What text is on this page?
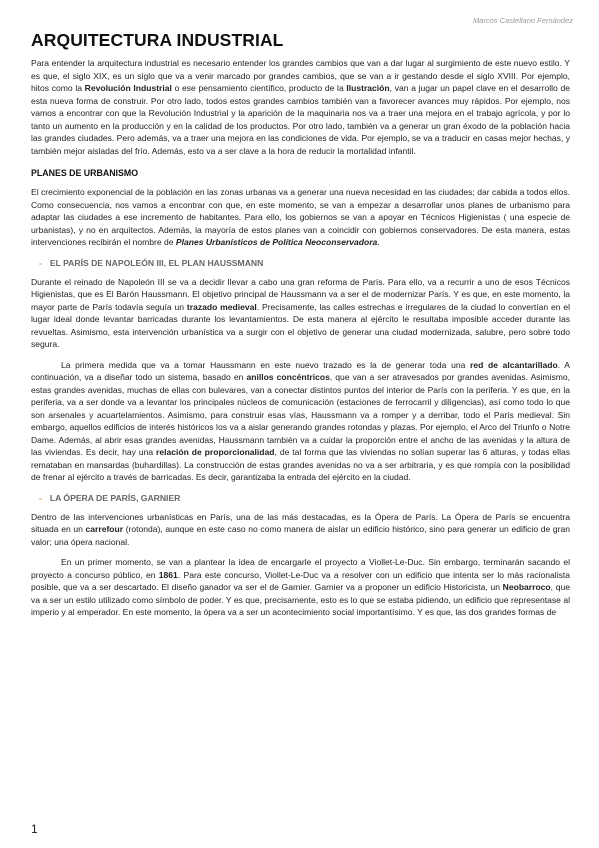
Marcos Castellano Fernández
ARQUITECTURA INDUSTRIAL

Para entender la arquitectura industrial es necesario entender los grandes cambios que van a dar lugar al surgimiento de este nuevo estilo. Y es que, el siglo XIX, es un siglo que va a venir marcado por grandes cambios, que se van a ir gestando desde el siglo XVIII. Por ejemplo, hitos como la Revolución Industrial o ese pensamiento científico, producto de la Ilustración, van a jugar un papel clave en el desarrollo de esta nueva forma de construir. Por otro lado, todos estos grandes cambios también van a favorecer avances muy rápidos. Por ejemplo, nos vamos a encontrar con que la Revolución Industrial y la aparición de la maquinaria nos va a traer una mejora en el trabajo agrícola, y por lo tanto un aumento en la producción y en la calidad de los productos. Por otro lado, también va a generar un gran éxodo de la población hacia las grandes ciudades. Pero además, va a traer una mejora en las condiciones de vida. Por ejemplo, se va a traducir en casas mejor hechas, y también mejor aisladas del frío. Además, esto va a ser clave a la hora de reducir la mortalidad infantil.

PLANES DE URBANISMO

El crecimiento exponencial de la población en las zonas urbanas va a generar una nueva necesidad en las ciudades; dar cabida a todos ellos. Como consecuencia, nos vamos a encontrar con que, en este momento, se van a empezar a desarrollar unos planes de urbanismo para adaptar las ciudades a ese incremento de habitantes. Para ello, los gobiernos se van a apoyar en Técnicos Higienistas ( una especie de urbanistas), y no en arquitectos. Además, la mayoría de estos planes van a coincidir con gobiernos conservadores. De esta manera, estas intervenciones recibirán el nombre de Planes Urbanísticos de Política Neoconservadora.

- EL PARÍS DE NAPOLEÓN III, EL PLAN HAUSSMANN

Durante el reinado de Napoleón III se va a decidir llevar a cabo una gran reforma de París. Para ello, va a recurrir a uno de esos Técnicos Higienistas, que es El Barón Haussmann. El objetivo principal de Haussmann va a ser el de modernizar París. Y es que, en este momento, la mayor parte de París todavía seguía un trazado medieval. Precisamente, las calles estrechas e irregulares de la ciudad lo convertían en el lugar ideal donde levantar barricadas durante los levantamientos. De esta manera al ejército le resultaba imposible acceder durante las revueltas. Asimismo, esta intervención urbanística va a surgir con el objetivo de generar una ciudad modernizada, salubre, pero sobre todo segura.

La primera medida que va a tomar Haussmann en este nuevo trazado es la de generar toda una red de alcantarillado. A continuación, va a diseñar todo un sistema, basado en anillos concéntricos, que van a ser atravesados por grandes avenidas. Asimismo, estas grandes avenidas, muchas de ellas con bulevares, van a conectar distintos puntos del interior de París con la periferia. Y es que, en la periferia, va a ser donde va a levantar los principales núcleos de comunicación (estaciones de ferrocarril y diligencias), así como todo lo que son arsenales y acuartelamientos. Asimismo, para construir esas vías, Haussmann va a romper y a derribar, todo el París medieval. Sin embargo, aquellos edificios de interés históricos los va a aislar generando grandes rotondas y plazas. Por ejemplo, el Arco del Triunfo o Notre Dame. Además, al abrir esas grandes avenidas, Haussmann también va a cuidar la proporción entre el ancho de las avenidas y la altura de las viviendas. Es decir, hay una relación de proporcionalidad, de tal forma que las viviendas no solían superar las 6 alturas, y todas ellas remataban en mansardas (buhardillas). La construcción de estas grandes avenidas no va a ser arbitraria, y es que rompía con la posibilidad de frenar al ejército a través de barricadas. Es decir, garantizaba la entrada del ejército en la ciudad.

- LA ÓPERA DE PARÍS, GARNIER

Dentro de las intervenciones urbanísticas en París, una de las más destacadas, es la Ópera de París. La Ópera de París se encuentra situada en un carrefour (rotonda), aunque en este caso no como manera de aislar un edificio histórico, sino para generar un edificio de gran valor; una ópera nacional.

En un primer momento, se van a plantear la idea de encargarle el proyecto a Viollet-Le-Duc. Sin embargo, terminarán sacando el proyecto a concurso público, en 1861. Para este concurso, Viollet-Le-Duc va a resolver con un edificio que intenta ser lo más racionalista posible, que va a ser descartado. El diseño ganador va ser el de Garnier. Garnier va a proponer un edificio Historicista, un Neobarroco, que va a ser un estilo utilizado como símbolo de poder. Y es que, precisamente, esto es lo que se estaba pidiendo, un edificio que representase al imperio y al emperador. En este momento, la ópera va a ser un acontecimiento social importantísimo. Y es que, las dos grandes formas de

1
